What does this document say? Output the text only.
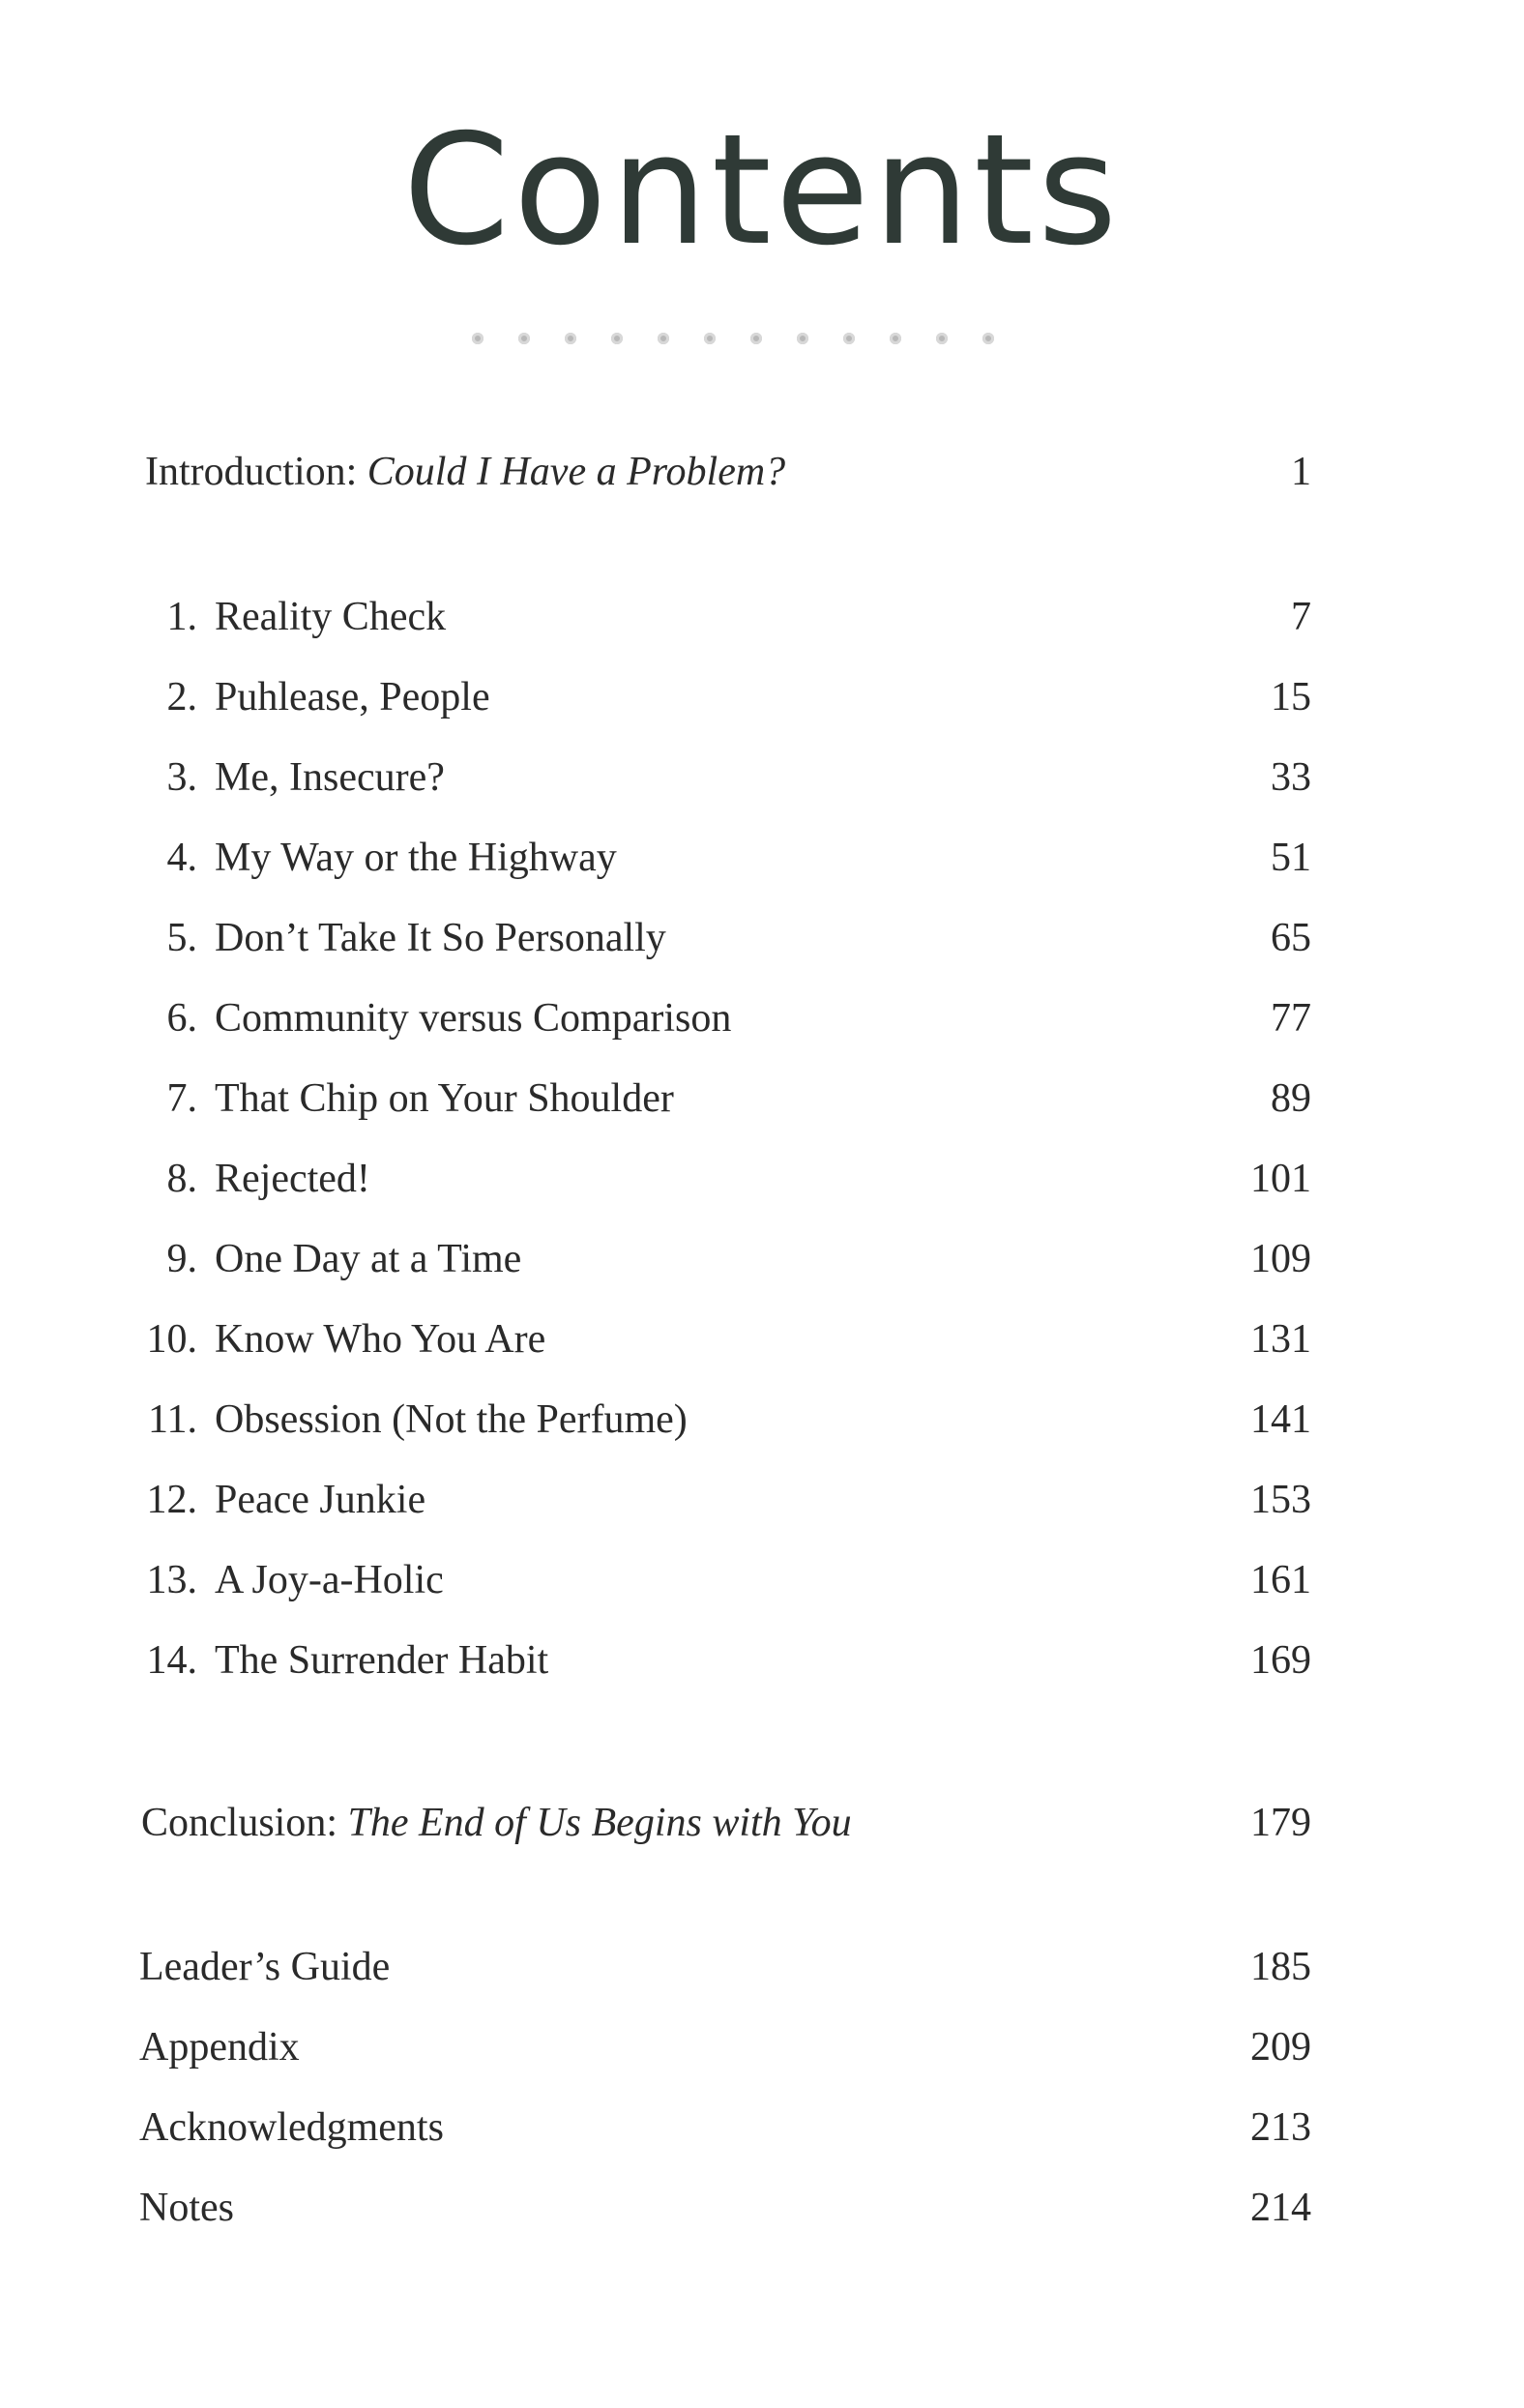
Contents
Introduction: Could I Have a Problem?	1
1. Reality Check	7
2. Puhlease, People	15
3. Me, Insecure?	33
4. My Way or the Highway	51
5. Don’t Take It So Personally	65
6. Community versus Comparison	77
7. That Chip on Your Shoulder	89
8. Rejected!	101
9. One Day at a Time	109
10. Know Who You Are	131
11. Obsession (Not the Perfume)	141
12. Peace Junkie	153
13. A Joy-a-Holic	161
14. The Surrender Habit	169
Conclusion: The End of Us Begins with You	179
Leader’s Guide	185
Appendix	209
Acknowledgments	213
Notes	214
